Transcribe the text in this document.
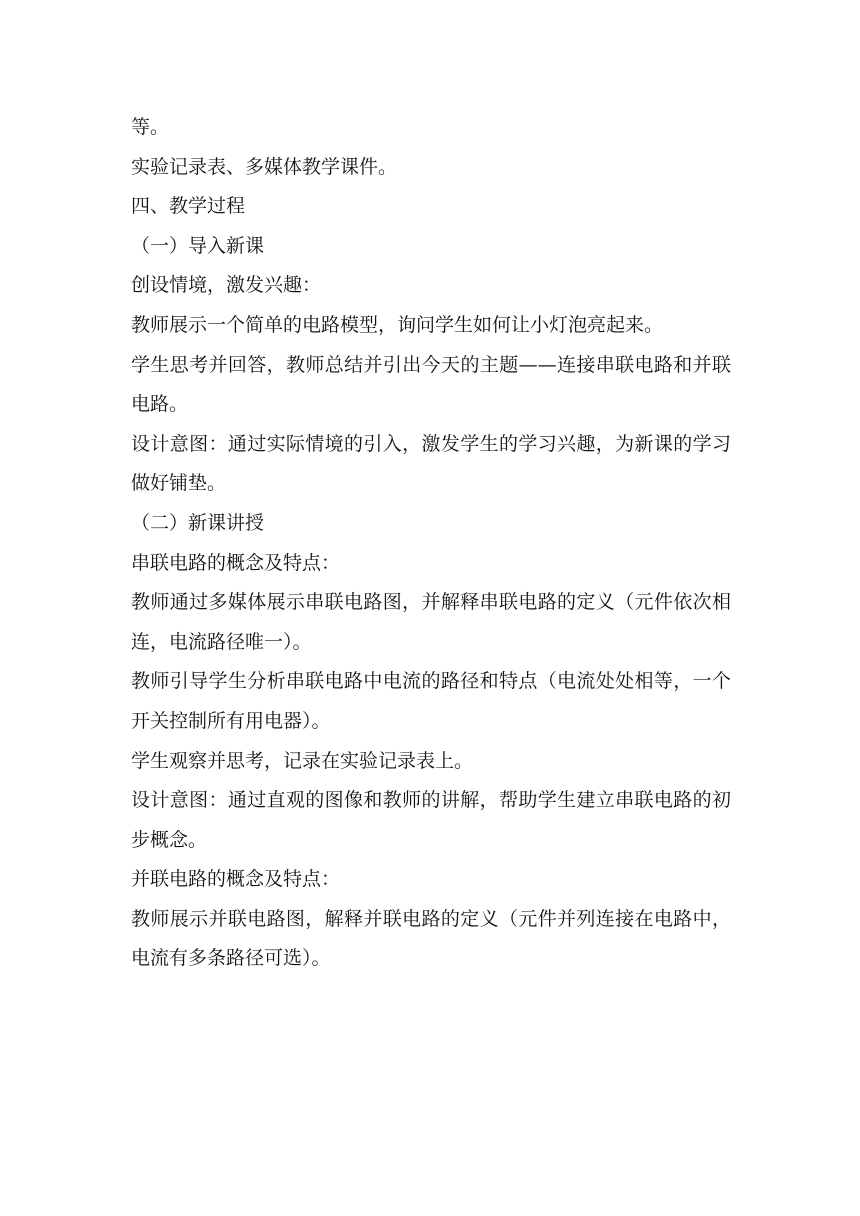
等。

实验记录表、多媒体教学课件。

四、教学过程

（一）导入新课

创设情境，激发兴趣：

教师展示一个简单的电路模型，询问学生如何让小灯泡亮起来。

学生思考并回答，教师总结并引出今天的主题——连接串联电路和并联电路。

设计意图：通过实际情境的引入，激发学生的学习兴趣，为新课的学习做好铺垫。

（二）新课讲授

串联电路的概念及特点：

教师通过多媒体展示串联电路图，并解释串联电路的定义（元件依次相连，电流路径唯一）。

教师引导学生分析串联电路中电流的路径和特点（电流处处相等，一个开关控制所有用电器）。

学生观察并思考，记录在实验记录表上。

设计意图：通过直观的图像和教师的讲解，帮助学生建立串联电路的初步概念。

并联电路的概念及特点：

教师展示并联电路图，解释并联电路的定义（元件并列连接在电路中，电流有多条路径可选）。
